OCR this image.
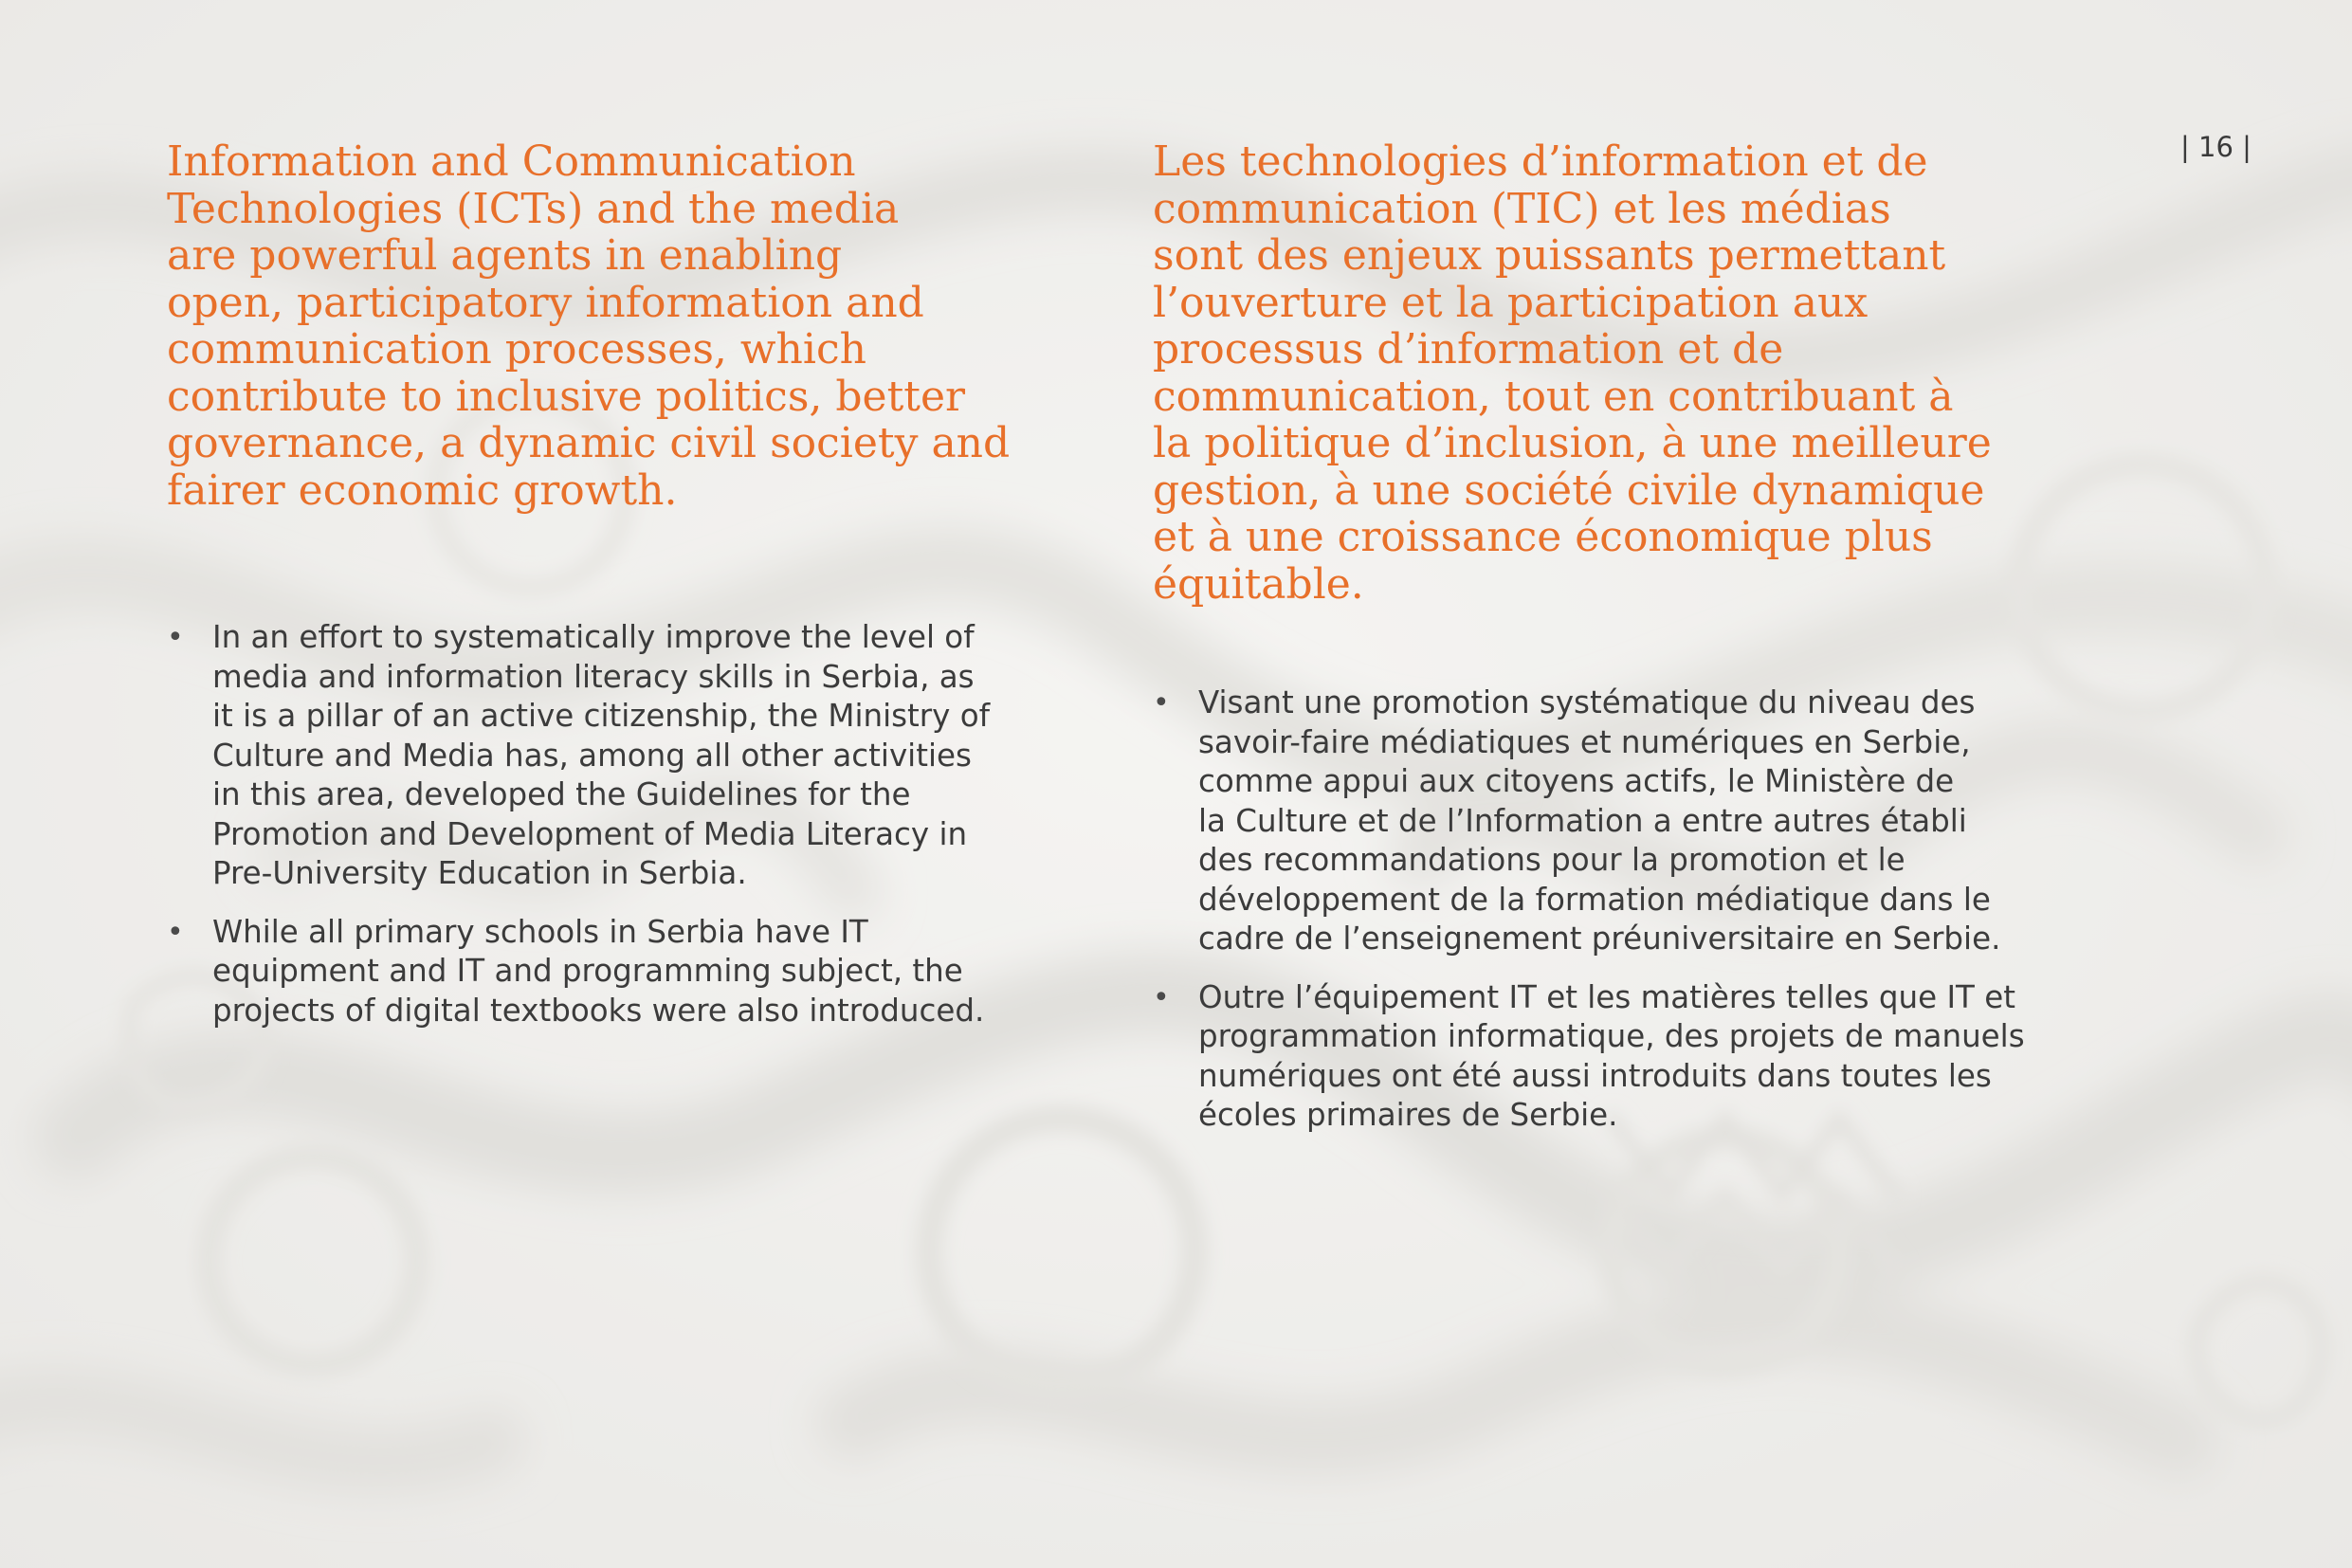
| 16 |
Information and Communication
Technologies (ICTs) and the media
are powerful agents in enabling
open, participatory information and
communication processes, which
contribute to inclusive politics, better
governance, a dynamic civil society and
fairer economic growth.
• In an effort to systematically improve the level of
media and information literacy skills in Serbia, as
it is a pillar of an active citizenship, the Ministry of
Culture and Media has, among all other activities
in this area, developed the Guidelines for the
Promotion and Development of Media Literacy in
Pre-University Education in Serbia.
• While all primary schools in Serbia have IT
equipment and IT and programming subject, the
projects of digital textbooks were also introduced.
Les technologies d’information et de
communication (TIC) et les médias
sont des enjeux puissants permettant
l’ouverture et la participation aux
processus d’information et de
communication, tout en contribuant à
la politique d’inclusion, à une meilleure
gestion, à une société civile dynamique
et à une croissance économique plus
équitable.
• Visant une promotion systématique du niveau des
savoir-faire médiatiques et numériques en Serbie,
comme appui aux citoyens actifs, le Ministère de
la Culture et de l’Information a entre autres établi
des recommandations pour la promotion et le
développement de la formation médiatique dans le
cadre de l’enseignement préuniversitaire en Serbie.
• Outre l’équipement IT et les matières telles que IT et
programmation informatique, des projets de manuels
numériques ont été aussi introduits dans toutes les
écoles primaires de Serbie.
